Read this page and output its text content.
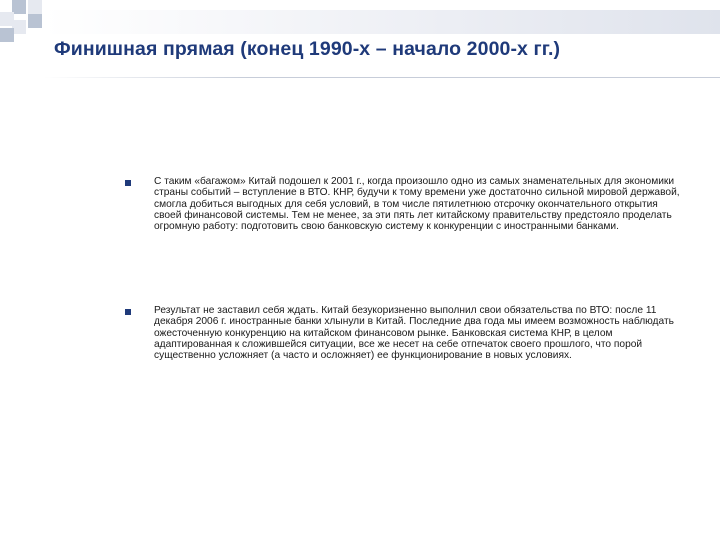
Финишная прямая (конец 1990-х – начало 2000-х гг.)
С таким «багажом» Китай подошел к 2001 г., когда произошло одно из самых знаменательных для экономики страны событий – вступление в ВТО. КНР, будучи к тому времени уже достаточно сильной мировой державой, смогла добиться выгодных для себя условий, в том числе пятилетнюю отсрочку окончательного открытия своей финансовой системы. Тем не менее, за эти пять лет китайскому правительству предстояло проделать огромную работу: подготовить свою банковскую систему к конкуренции с иностранными банками.
Результат не заставил себя ждать. Китай безукоризненно выполнил свои обязательства по ВТО: после 11 декабря 2006 г. иностранные банки хлынули в Китай. Последние два года мы имеем возможность наблюдать ожесточенную конкуренцию на китайском финансовом рынке. Банковская система КНР, в целом адаптированная к сложившейся ситуации, все же несет на себе отпечаток своего прошлого, что порой существенно усложняет (а часто и осложняет) ее функционирование в новых условиях.
